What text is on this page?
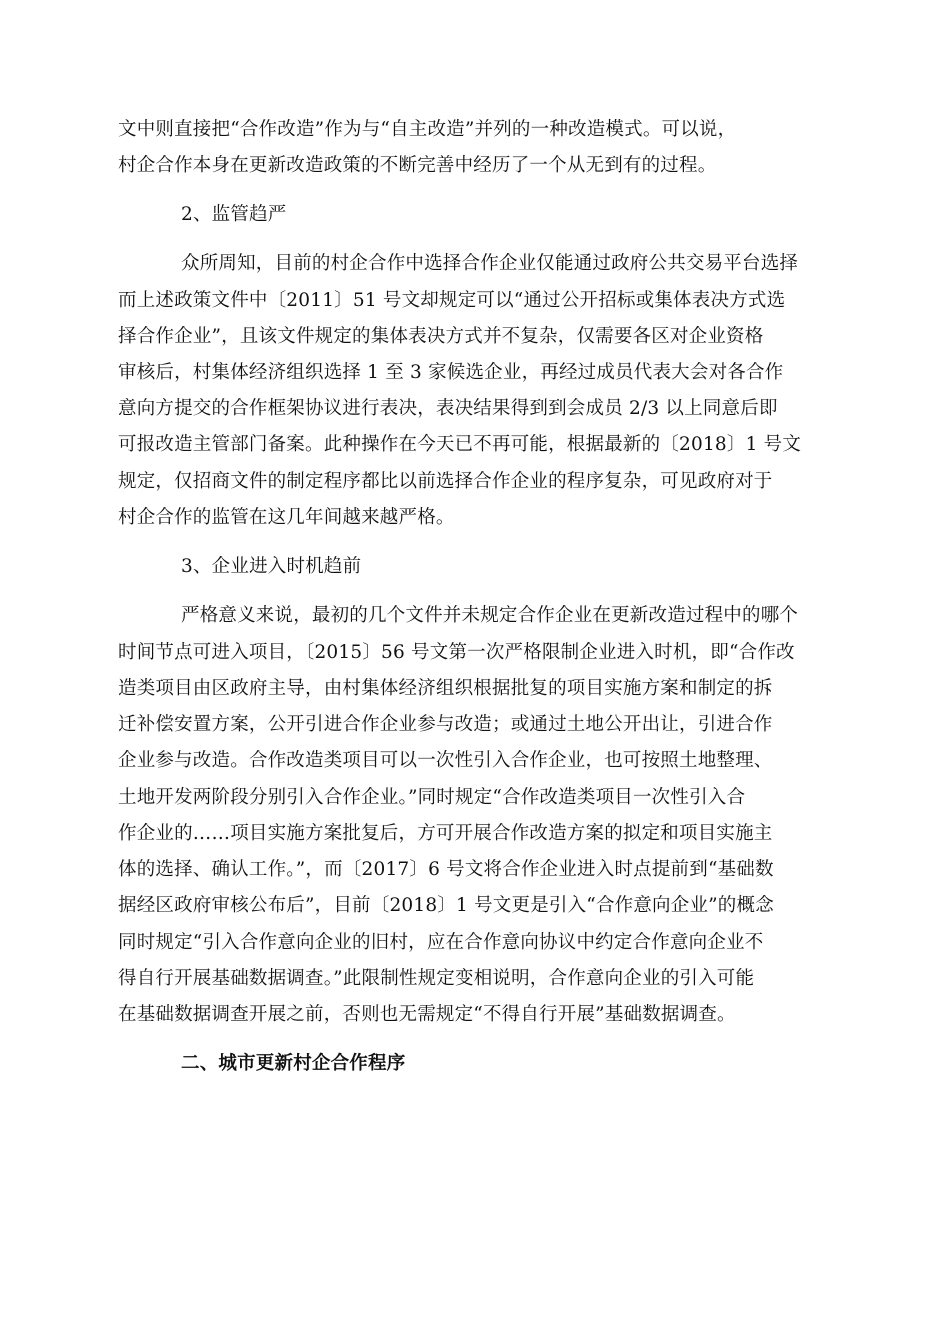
文中则直接把“合作改造”作为与“自主改造”并列的一种改造模式。可以说，
村企合作本身在更新改造政策的不断完善中经历了一个从无到有的过程。
2、监管趋严
众所周知，目前的村企合作中选择合作企业仅能通过政府公共交易平台选择
而上述政策文件中〔2011〕51 号文却规定可以“通过公开招标或集体表决方式选
择合作企业”，且该文件规定的集体表决方式并不复杂，仅需要各区对企业资格
审核后，村集体经济组织选择 1 至 3 家候选企业，再经过成员代表大会对各合作
意向方提交的合作框架协议进行表决，表决结果得到到会成员 2/3 以上同意后即
可报改造主管部门备案。此种操作在今天已不再可能，根据最新的〔2018〕1 号文
规定，仅招商文件的制定程序都比以前选择合作企业的程序复杂，可见政府对于
村企合作的监管在这几年间越来越严格。
3、企业进入时机趋前
严格意义来说，最初的几个文件并未规定合作企业在更新改造过程中的哪个
时间节点可进入项目，〔2015〕56 号文第一次严格限制企业进入时机，即“合作改
造类项目由区政府主导，由村集体经济组织根据批复的项目实施方案和制定的拆
迁补偿安置方案，公开引进合作企业参与改造；或通过土地公开出让，引进合作
企业参与改造。合作改造类项目可以一次性引入合作企业，也可按照土地整理、
土地开发两阶段分别引入合作企业。”同时规定“合作改造类项目一次性引入合
作企业的……项目实施方案批复后，方可开展合作改造方案的拟定和项目实施主
体的选择、确认工作。”，而〔2017〕6 号文将合作企业进入时点提前到“基础数
据经区政府审核公布后”，目前〔2018〕1 号文更是引入“合作意向企业”的概念
同时规定“引入合作意向企业的旧村，应在合作意向协议中约定合作意向企业不
得自行开展基础数据调查。”此限制性规定变相说明，合作意向企业的引入可能
在基础数据调查开展之前，否则也无需规定“不得自行开展”基础数据调查。
二、城市更新村企合作程序
